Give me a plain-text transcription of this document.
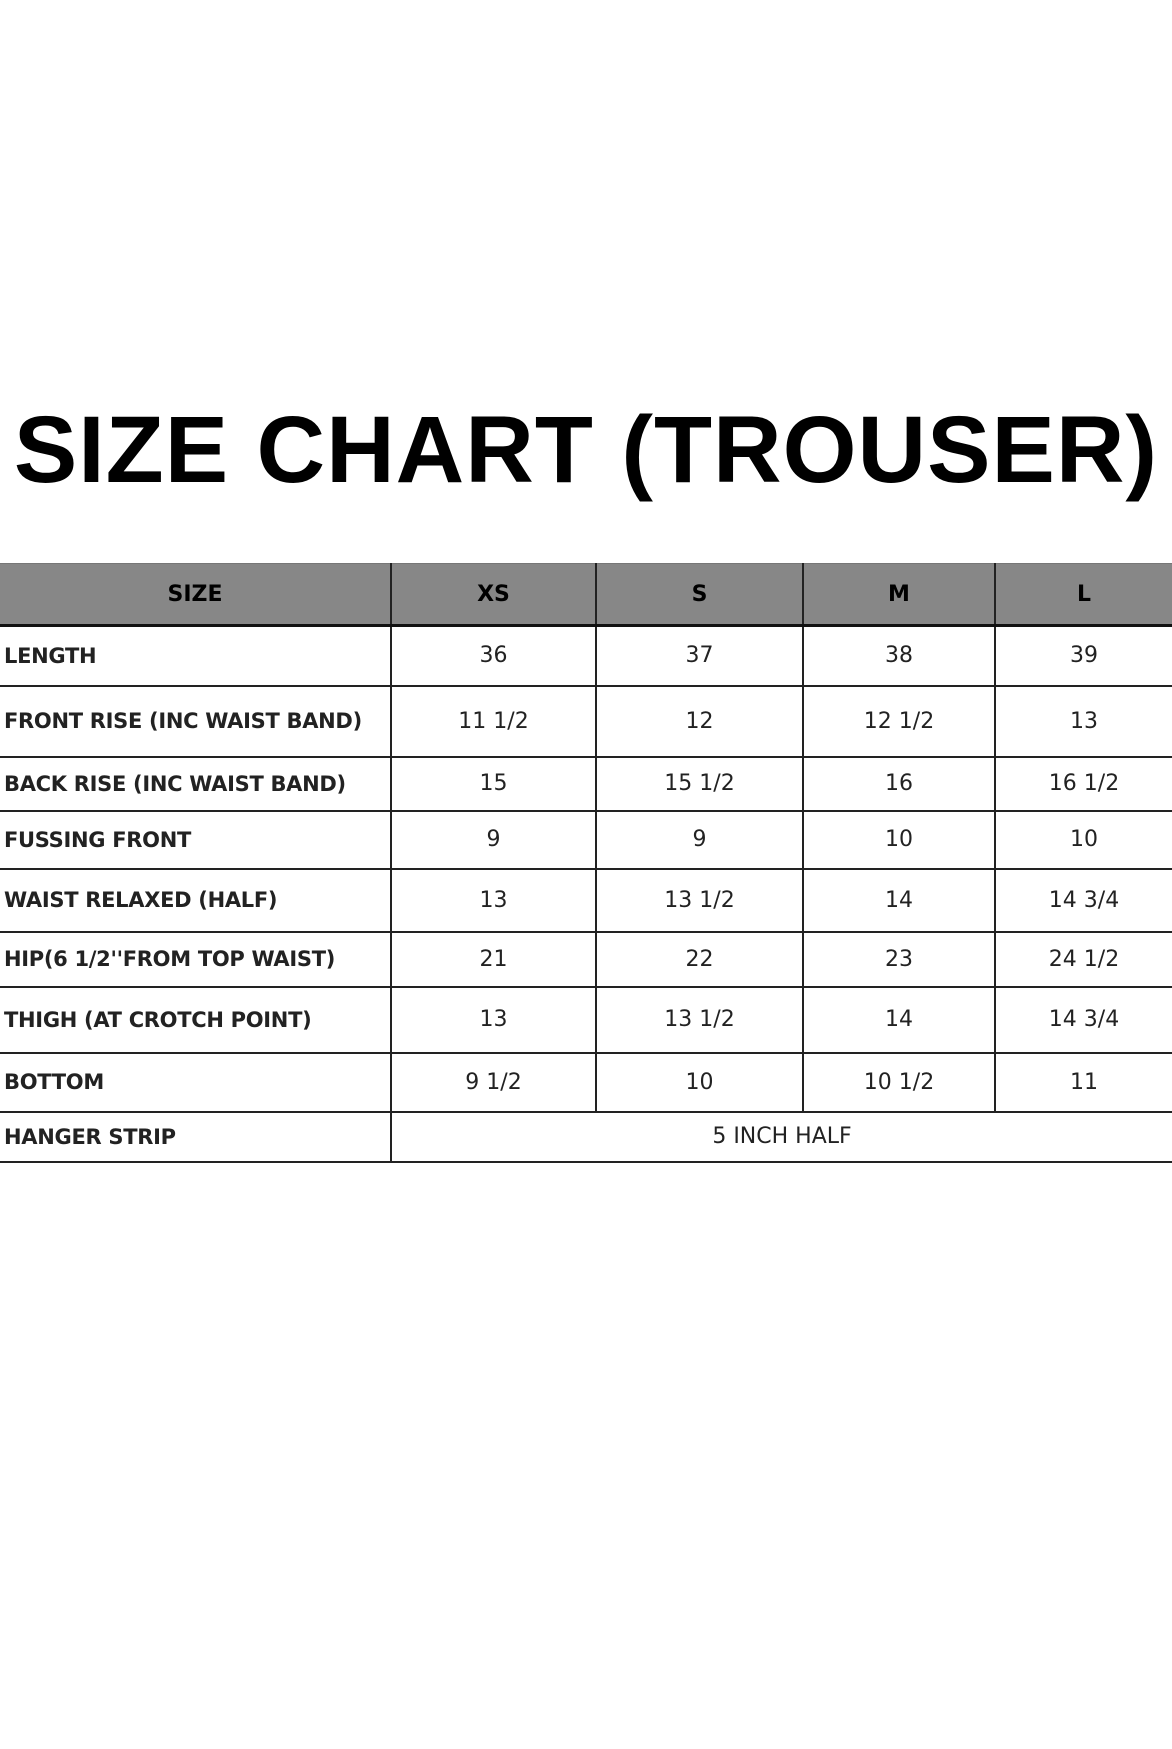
SIZE CHART (TROUSER)
SIZE	XS	S	M	L
LENGTH	36	37	38	39
FRONT RISE (INC WAIST BAND)	11 1/2	12	12 1/2	13
BACK RISE (INC WAIST BAND)	15	15 1/2	16	16 1/2
FUSSING FRONT	9	9	10	10
WAIST RELAXED (HALF)	13	13 1/2	14	14 3/4
HIP(6 1/2''FROM TOP WAIST)	21	22	23	24 1/2
THIGH (AT CROTCH POINT)	13	13 1/2	14	14 3/4
BOTTOM	9 1/2	10	10 1/2	11
HANGER STRIP	5 INCH HALF			
